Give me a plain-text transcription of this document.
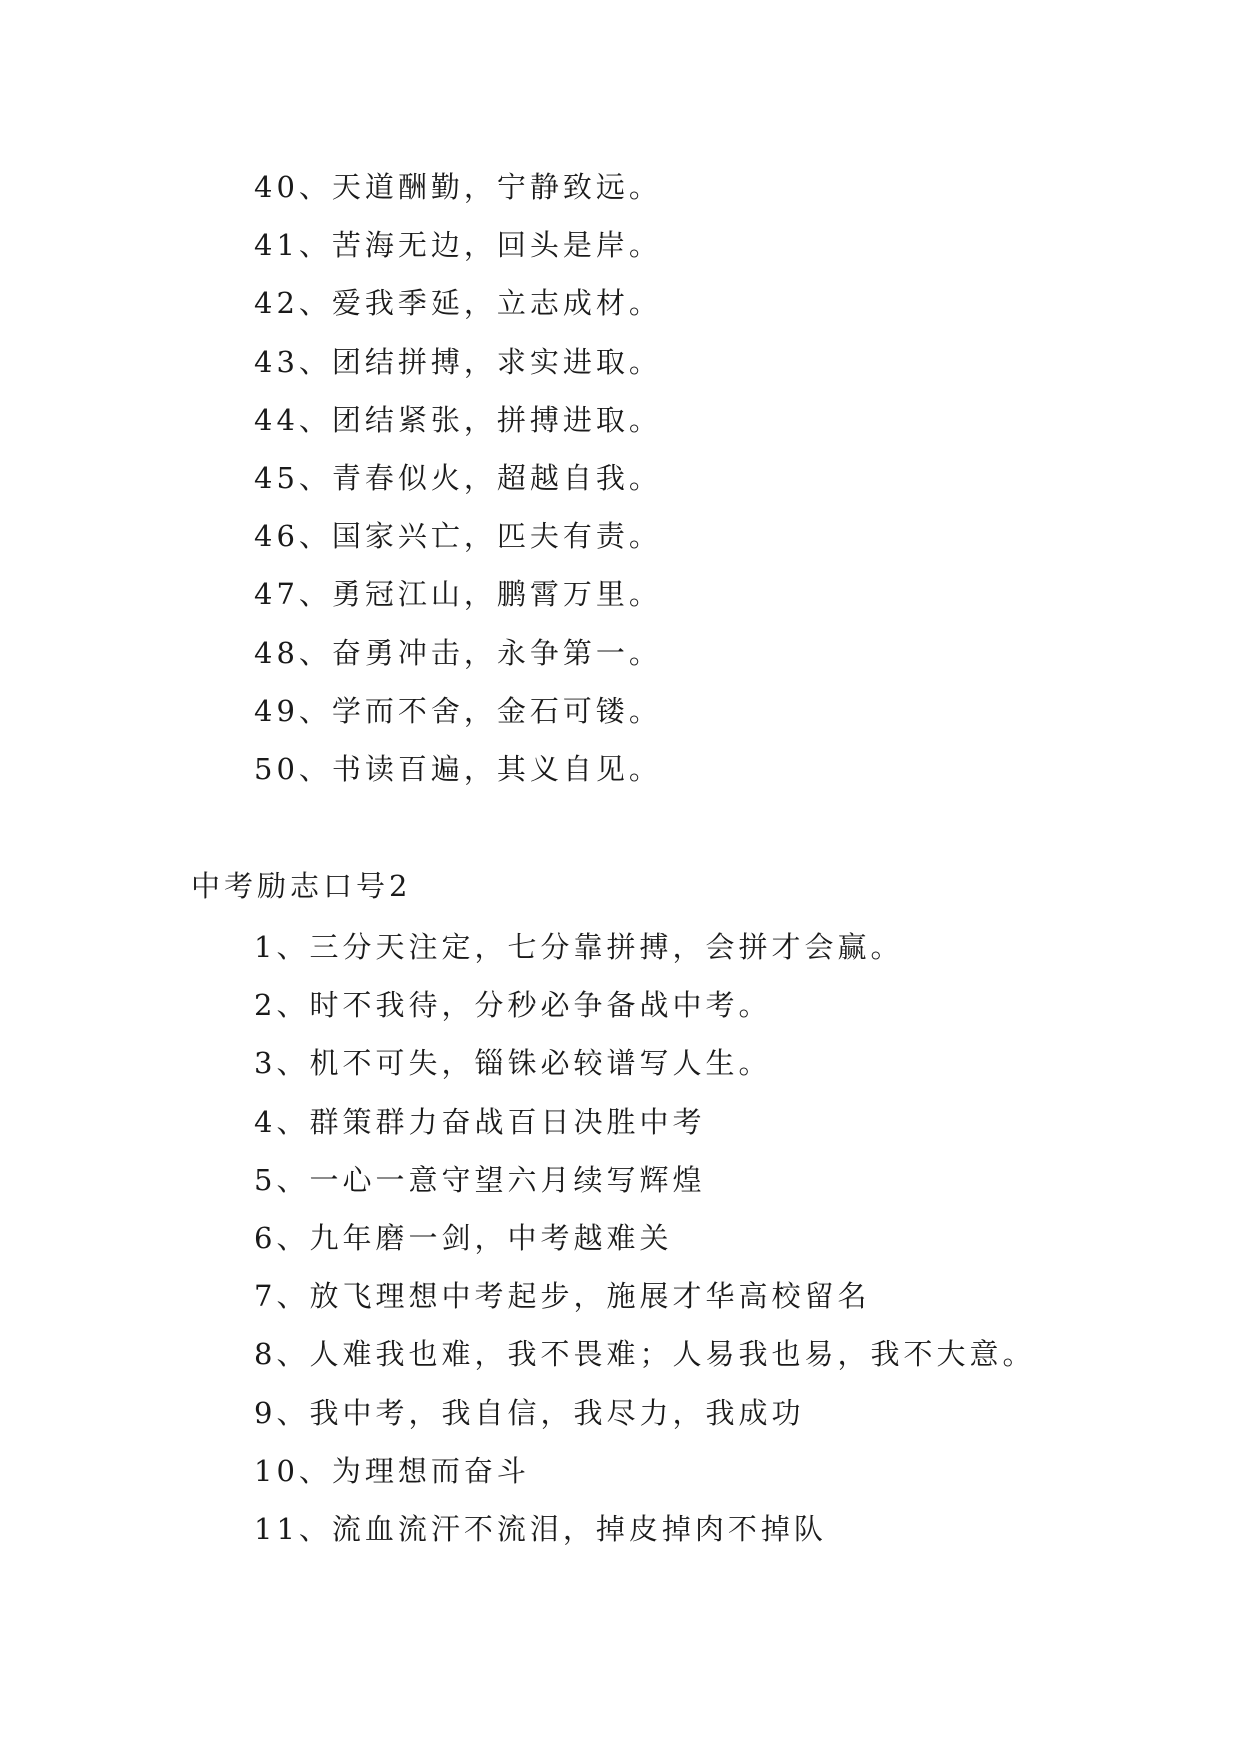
40、天道酬勤，宁静致远。
41、苦海无边，回头是岸。
42、爱我季延，立志成材。
43、团结拼搏，求实进取。
44、团结紧张，拼搏进取。
45、青春似火，超越自我。
46、国家兴亡，匹夫有责。
47、勇冠江山，鹏霄万里。
48、奋勇冲击，永争第一。
49、学而不舍，金石可镂。
50、书读百遍，其义自见。
中考励志口号2
1、三分天注定，七分靠拼搏，会拼才会赢。
2、时不我待，分秒必争备战中考。
3、机不可失，锱铢必较谱写人生。
4、群策群力奋战百日决胜中考
5、一心一意守望六月续写辉煌
6、九年磨一剑，中考越难关
7、放飞理想中考起步，施展才华高校留名
8、人难我也难，我不畏难；人易我也易，我不大意。
9、我中考，我自信，我尽力，我成功
10、为理想而奋斗
11、流血流汗不流泪，掉皮掉肉不掉队
